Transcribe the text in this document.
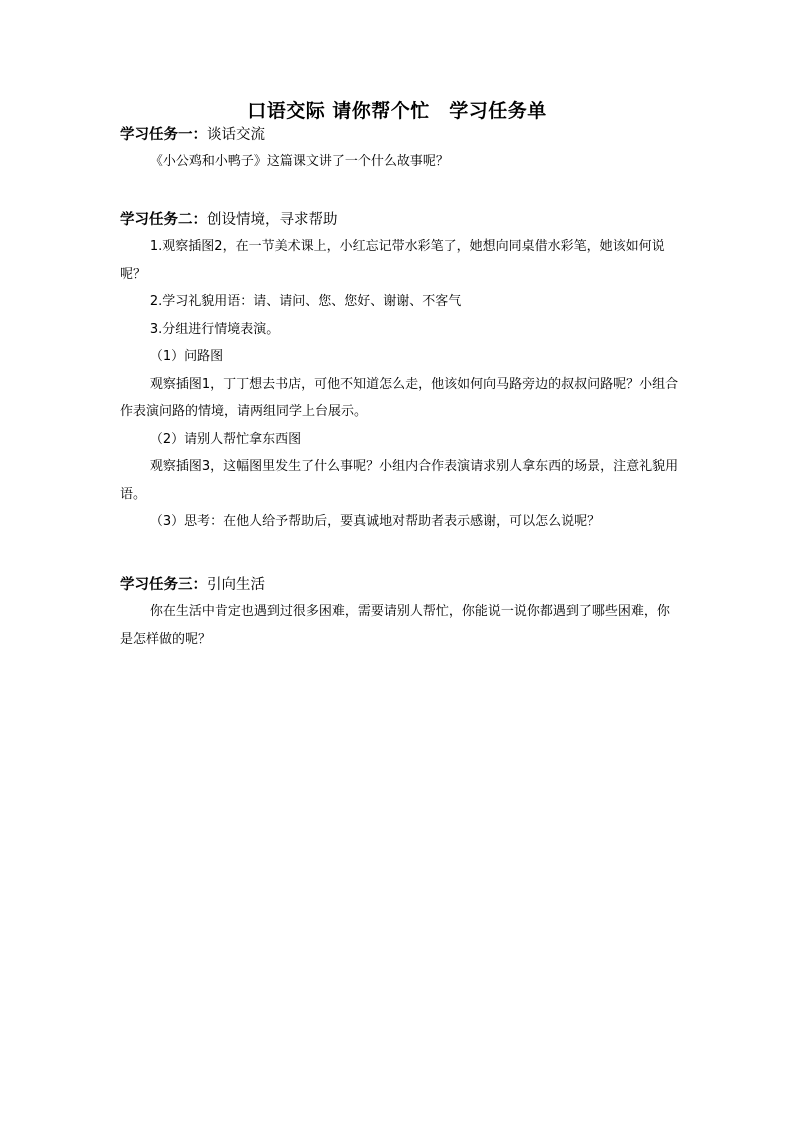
口语交际 请你帮个忙　学习任务单
学习任务一：谈话交流

《小公鸡和小鸭子》这篇课文讲了一个什么故事呢？

学习任务二：创设情境，寻求帮助

1.观察插图2，在一节美术课上，小红忘记带水彩笔了，她想向同桌借水彩笔，她该如何说呢？

2.学习礼貌用语：请、请问、您、您好、谢谢、不客气

3.分组进行情境表演。

（1）问路图

观察插图1，丁丁想去书店，可他不知道怎么走，他该如何向马路旁边的叔叔问路呢？小组合作表演问路的情境，请两组同学上台展示。

（2）请别人帮忙拿东西图

观察插图3，这幅图里发生了什么事呢？小组内合作表演请求别人拿东西的场景，注意礼貌用语。

（3）思考：在他人给予帮助后，要真诚地对帮助者表示感谢，可以怎么说呢？

学习任务三：引向生活

你在生活中肯定也遇到过很多困难，需要请别人帮忙，你能说一说你都遇到了哪些困难，你是怎样做的呢？
